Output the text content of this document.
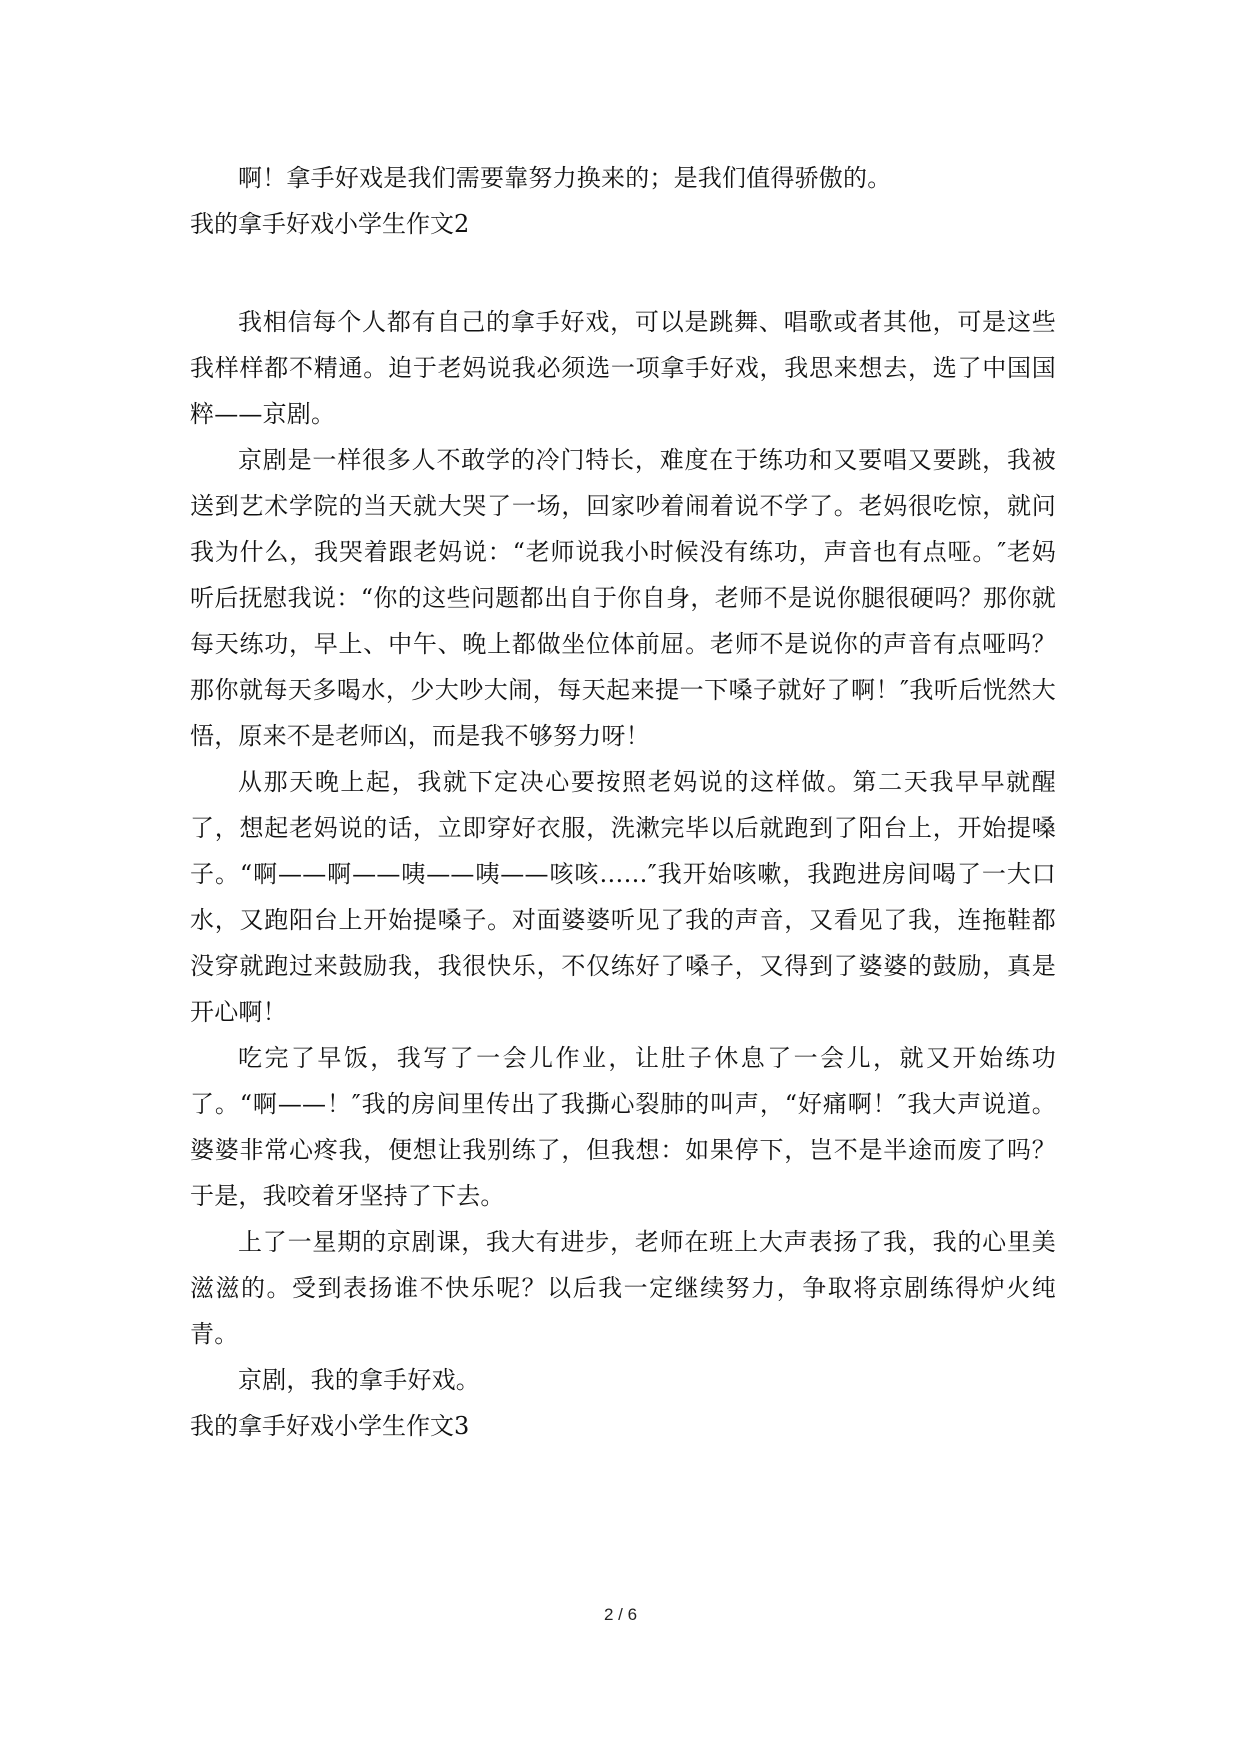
啊！拿手好戏是我们需要靠努力换来的；是我们值得骄傲的。

我的拿手好戏小学生作文2

我相信每个人都有自己的拿手好戏，可以是跳舞、唱歌或者其他，可是这些我样样都不精通。迫于老妈说我必须选一项拿手好戏，我思来想去，选了中国国粹——京剧。

京剧是一样很多人不敢学的冷门特长，难度在于练功和又要唱又要跳，我被送到艺术学院的当天就大哭了一场，回家吵着闹着说不学了。老妈很吃惊，就问我为什么，我哭着跟老妈说：“老师说我小时候没有练功，声音也有点哑。″老妈听后抚慰我说：“你的这些问题都出自于你自身，老师不是说你腿很硬吗？那你就每天练功，早上、中午、晚上都做坐位体前屈。老师不是说你的声音有点哑吗？那你就每天多喝水，少大吵大闹，每天起来提一下嗓子就好了啊！″我听后恍然大悟，原来不是老师凶，而是我不够努力呀！

从那天晚上起，我就下定决心要按照老妈说的这样做。第二天我早早就醒了，想起老妈说的话，立即穿好衣服，洗漱完毕以后就跑到了阳台上，开始提嗓子。“啊——啊——咦——咦——咳咳……″我开始咳嗽，我跑进房间喝了一大口水，又跑阳台上开始提嗓子。对面婆婆听见了我的声音，又看见了我，连拖鞋都没穿就跑过来鼓励我，我很快乐，不仅练好了嗓子，又得到了婆婆的鼓励，真是开心啊！

吃完了早饭，我写了一会儿作业，让肚子休息了一会儿，就又开始练功了。“啊——！″我的房间里传出了我撕心裂肺的叫声，“好痛啊！″我大声说道。婆婆非常心疼我，便想让我别练了，但我想：如果停下，岂不是半途而废了吗？于是，我咬着牙坚持了下去。

上了一星期的京剧课，我大有进步，老师在班上大声表扬了我，我的心里美滋滋的。受到表扬谁不快乐呢？以后我一定继续努力，争取将京剧练得炉火纯青。

京剧，我的拿手好戏。

我的拿手好戏小学生作文3

2 / 6
